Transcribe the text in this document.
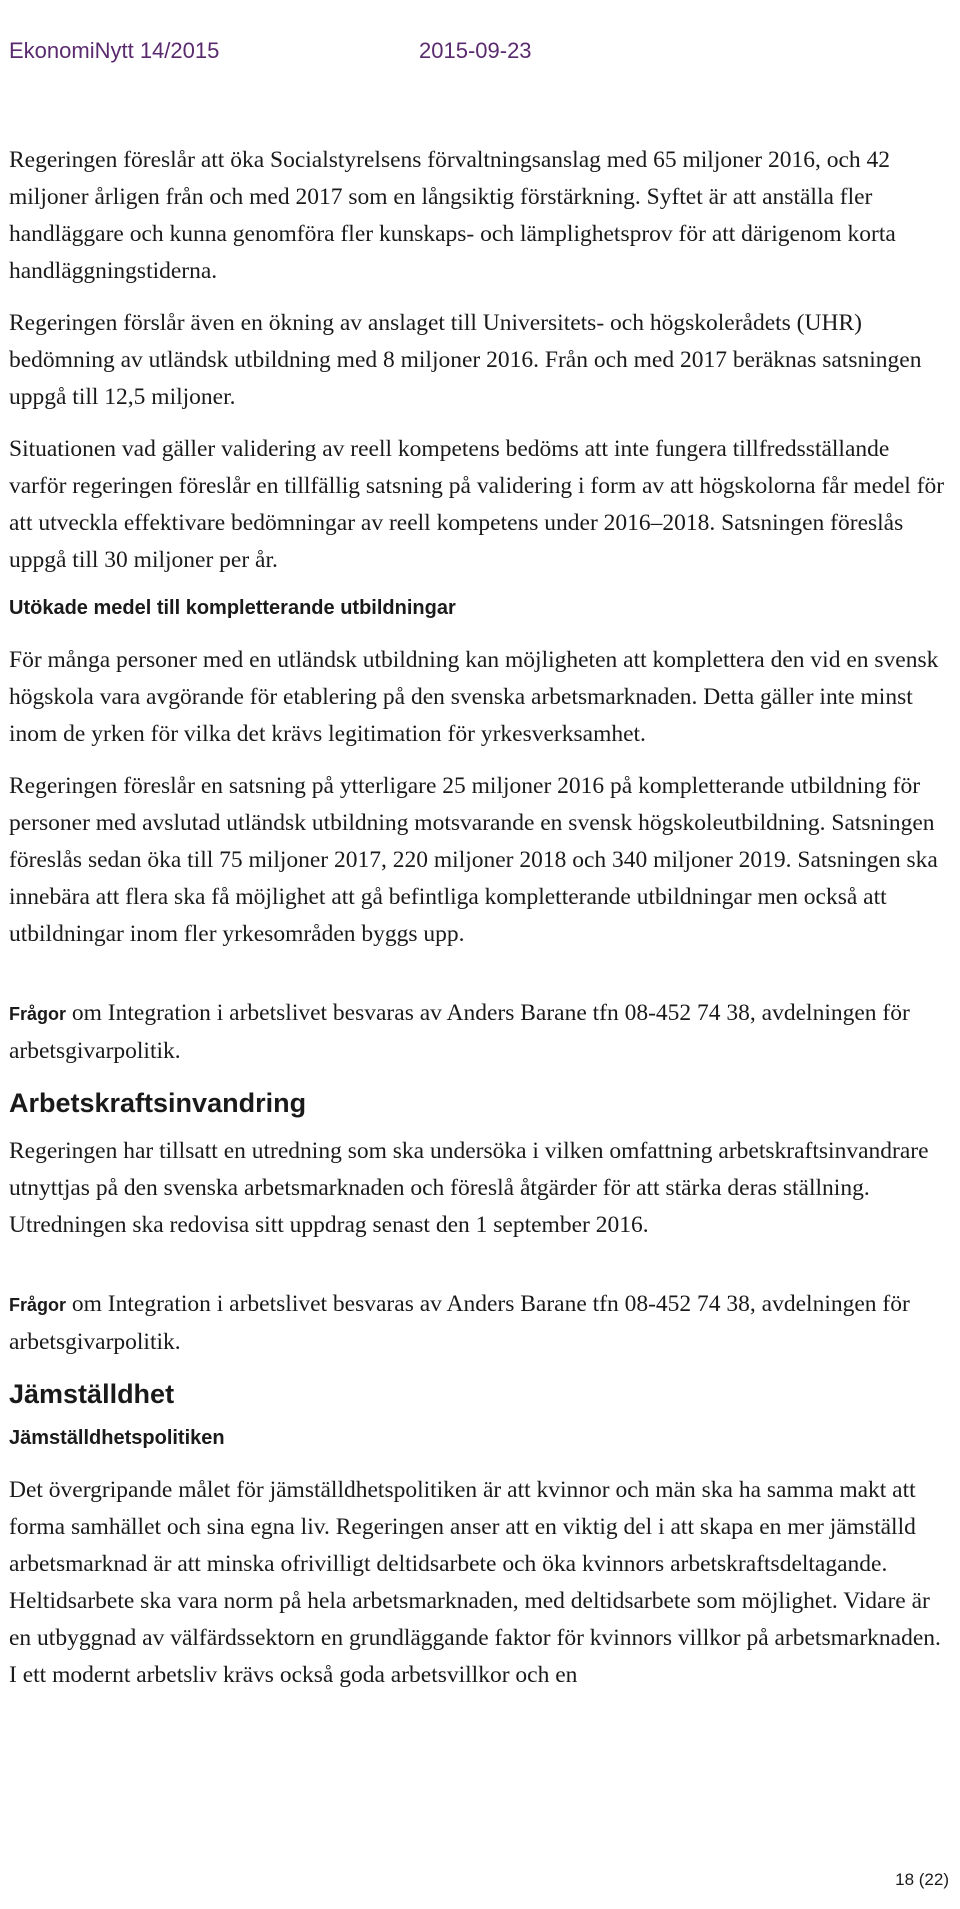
EkonomiNytt 14/2015	2015-09-23

Regeringen föreslår att öka Socialstyrelsens förvaltningsanslag med 65 miljoner 2016, och 42 miljoner årligen från och med 2017 som en långsiktig förstärkning. Syftet är att anställa fler handläggare och kunna genomföra fler kunskaps- och lämplighetsprov för att därigenom korta handläggningstiderna.

Regeringen förslår även en ökning av anslaget till Universitets- och högskolerådets (UHR) bedömning av utländsk utbildning med 8 miljoner 2016. Från och med 2017 beräknas satsningen uppgå till 12,5 miljoner.

Situationen vad gäller validering av reell kompetens bedöms att inte fungera tillfredsställande varför regeringen föreslår en tillfällig satsning på validering i form av att högskolorna får medel för att utveckla effektivare bedömningar av reell kompetens under 2016–2018. Satsningen föreslås uppgå till 30 miljoner per år.

Utökade medel till kompletterande utbildningar

För många personer med en utländsk utbildning kan möjligheten att komplettera den vid en svensk högskola vara avgörande för etablering på den svenska arbetsmarknaden. Detta gäller inte minst inom de yrken för vilka det krävs legitimation för yrkesverksamhet.

Regeringen föreslår en satsning på ytterligare 25 miljoner 2016 på kompletterande utbildning för personer med avslutad utländsk utbildning motsvarande en svensk högskoleutbildning. Satsningen föreslås sedan öka till 75 miljoner 2017, 220 miljoner 2018 och 340 miljoner 2019. Satsningen ska innebära att flera ska få möjlighet att gå befintliga kompletterande utbildningar men också att utbildningar inom fler yrkesområden byggs upp.

Frågor om Integration i arbetslivet besvaras av Anders Barane tfn 08-452 74 38, avdelningen för arbetsgivarpolitik.

Arbetskraftsinvandring

Regeringen har tillsatt en utredning som ska undersöka i vilken omfattning arbetskraftsinvandrare utnyttjas på den svenska arbetsmarknaden och föreslå åtgärder för att stärka deras ställning. Utredningen ska redovisa sitt uppdrag senast den 1 september 2016.

Frågor om Integration i arbetslivet besvaras av Anders Barane tfn 08-452 74 38, avdelningen för arbetsgivarpolitik.

Jämställdhet
Jämställdhetspolitiken

Det övergripande målet för jämställdhetspolitiken är att kvinnor och män ska ha samma makt att forma samhället och sina egna liv. Regeringen anser att en viktig del i att skapa en mer jämställd arbetsmarknad är att minska ofrivilligt deltidsarbete och öka kvinnors arbetskraftsdeltagande. Heltidsarbete ska vara norm på hela arbetsmarknaden, med deltidsarbete som möjlighet. Vidare är en utbyggnad av välfärdssektorn en grundläggande faktor för kvinnors villkor på arbetsmarknaden. I ett modernt arbetsliv krävs också goda arbetsvillkor och en

18 (22)
